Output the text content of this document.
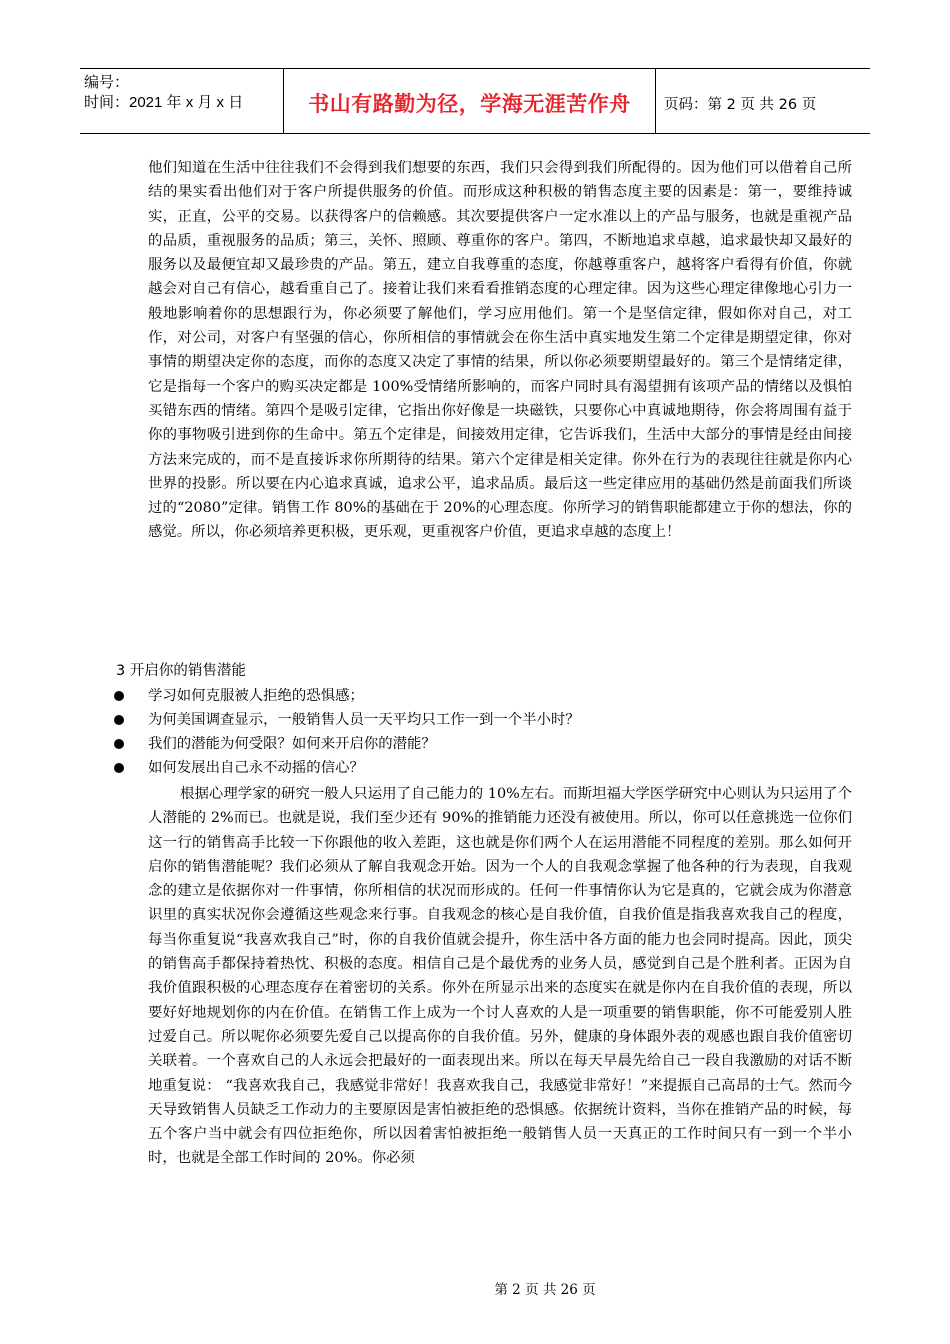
编号：
时间：2021 年 x 月 x 日	书山有路勤为径，学海无涯苦作舟	页码：第 2 页 共 26 页
他们知道在生活中往往我们不会得到我们想要的东西，我们只会得到我们所配得的。因为他们可以借着自己所结的果实看出他们对于客户所提供服务的价值。而形成这种积极的销售态度主要的因素是：第一，要维持诚实，正直，公平的交易。以获得客户的信赖感。其次要提供客户一定水准以上的产品与服务，也就是重视产品的品质，重视服务的品质；第三，关怀、照顾、尊重你的客户。第四，不断地追求卓越，追求最快却又最好的服务以及最便宜却又最珍贵的产品。第五，建立自我尊重的态度，你越尊重客户，越将客户看得有价值，你就越会对自己有信心，越看重自己了。接着让我们来看看推销态度的心理定律。因为这些心理定律像地心引力一般地影响着你的思想跟行为，你必须要了解他们，学习应用他们。第一个是坚信定律，假如你对自己，对工作，对公司，对客户有坚强的信心，你所相信的事情就会在你生活中真实地发生第二个定律是期望定律，你对事情的期望决定你的态度，而你的态度又决定了事情的结果，所以你必须要期望最好的。第三个是情绪定律，它是指每一个客户的购买决定都是 100%受情绪所影响的，而客户同时具有渴望拥有该项产品的情绪以及惧怕买错东西的情绪。第四个是吸引定律，它指出你好像是一块磁铁，只要你心中真诚地期待，你会将周围有益于你的事物吸引进到你的生命中。第五个定律是，间接效用定律，它告诉我们，生活中大部分的事情是经由间接方法来完成的，而不是直接诉求你所期待的结果。第六个定律是相关定律。你外在行为的表现往往就是你内心世界的投影。所以要在内心追求真诚，追求公平，追求品质。最后这一些定律应用的基础仍然是前面我们所谈过的“2080”定律。销售工作 80%的基础在于 20%的心理态度。你所学习的销售职能都建立于你的想法，你的感觉。所以，你必须培养更积极，更乐观，更重视客户价值，更追求卓越的态度上！
3 开启你的销售潜能
学习如何克服被人拒绝的恐惧感；
为何美国调查显示，一般销售人员一天平均只工作一到一个半小时？
我们的潜能为何受限？如何来开启你的潜能？
如何发展出自己永不动摇的信心？
根据心理学家的研究一般人只运用了自己能力的 10%左右。而斯坦福大学医学研究中心则认为只运用了个人潜能的 2%而已。也就是说，我们至少还有 90%的推销能力还没有被使用。所以，你可以任意挑选一位你们这一行的销售高手比较一下你跟他的收入差距，这也就是你们两个人在运用潜能不同程度的差别。那么如何开启你的销售潜能呢？我们必须从了解自我观念开始。因为一个人的自我观念掌握了他各种的行为表现，自我观念的建立是依据你对一件事情，你所相信的状况而形成的。任何一件事情你认为它是真的，它就会成为你潜意识里的真实状况你会遵循这些观念来行事。自我观念的核心是自我价值，自我价值是指我喜欢我自己的程度，每当你重复说“我喜欢我自己”时，你的自我价值就会提升，你生活中各方面的能力也会同时提高。因此，顶尖的销售高手都保持着热忱、积极的态度。相信自己是个最优秀的业务人员，感觉到自己是个胜利者。正因为自我价值跟积极的心理态度存在着密切的关系。你外在所显示出来的态度实在就是你内在自我价值的表现，所以要好好地规划你的内在价值。在销售工作上成为一个讨人喜欢的人是一项重要的销售职能，你不可能爱别人胜过爱自己。所以呢你必须要先爱自己以提高你的自我价值。另外，健康的身体跟外表的观感也跟自我价值密切关联着。一个喜欢自己的人永远会把最好的一面表现出来。所以在每天早晨先给自己一段自我激励的对话不断地重复说： “我喜欢我自己，我感觉非常好！我喜欢我自己，我感觉非常好！”来提振自己高昂的士气。然而今天导致销售人员缺乏工作动力的主要原因是害怕被拒绝的恐惧感。依据统计资料，当你在推销产品的时候，每五个客户当中就会有四位拒绝你，所以因着害怕被拒绝一般销售人员一天真正的工作时间只有一到一个半小时，也就是全部工作时间的 20%。你必须
第 2 页 共 26 页
